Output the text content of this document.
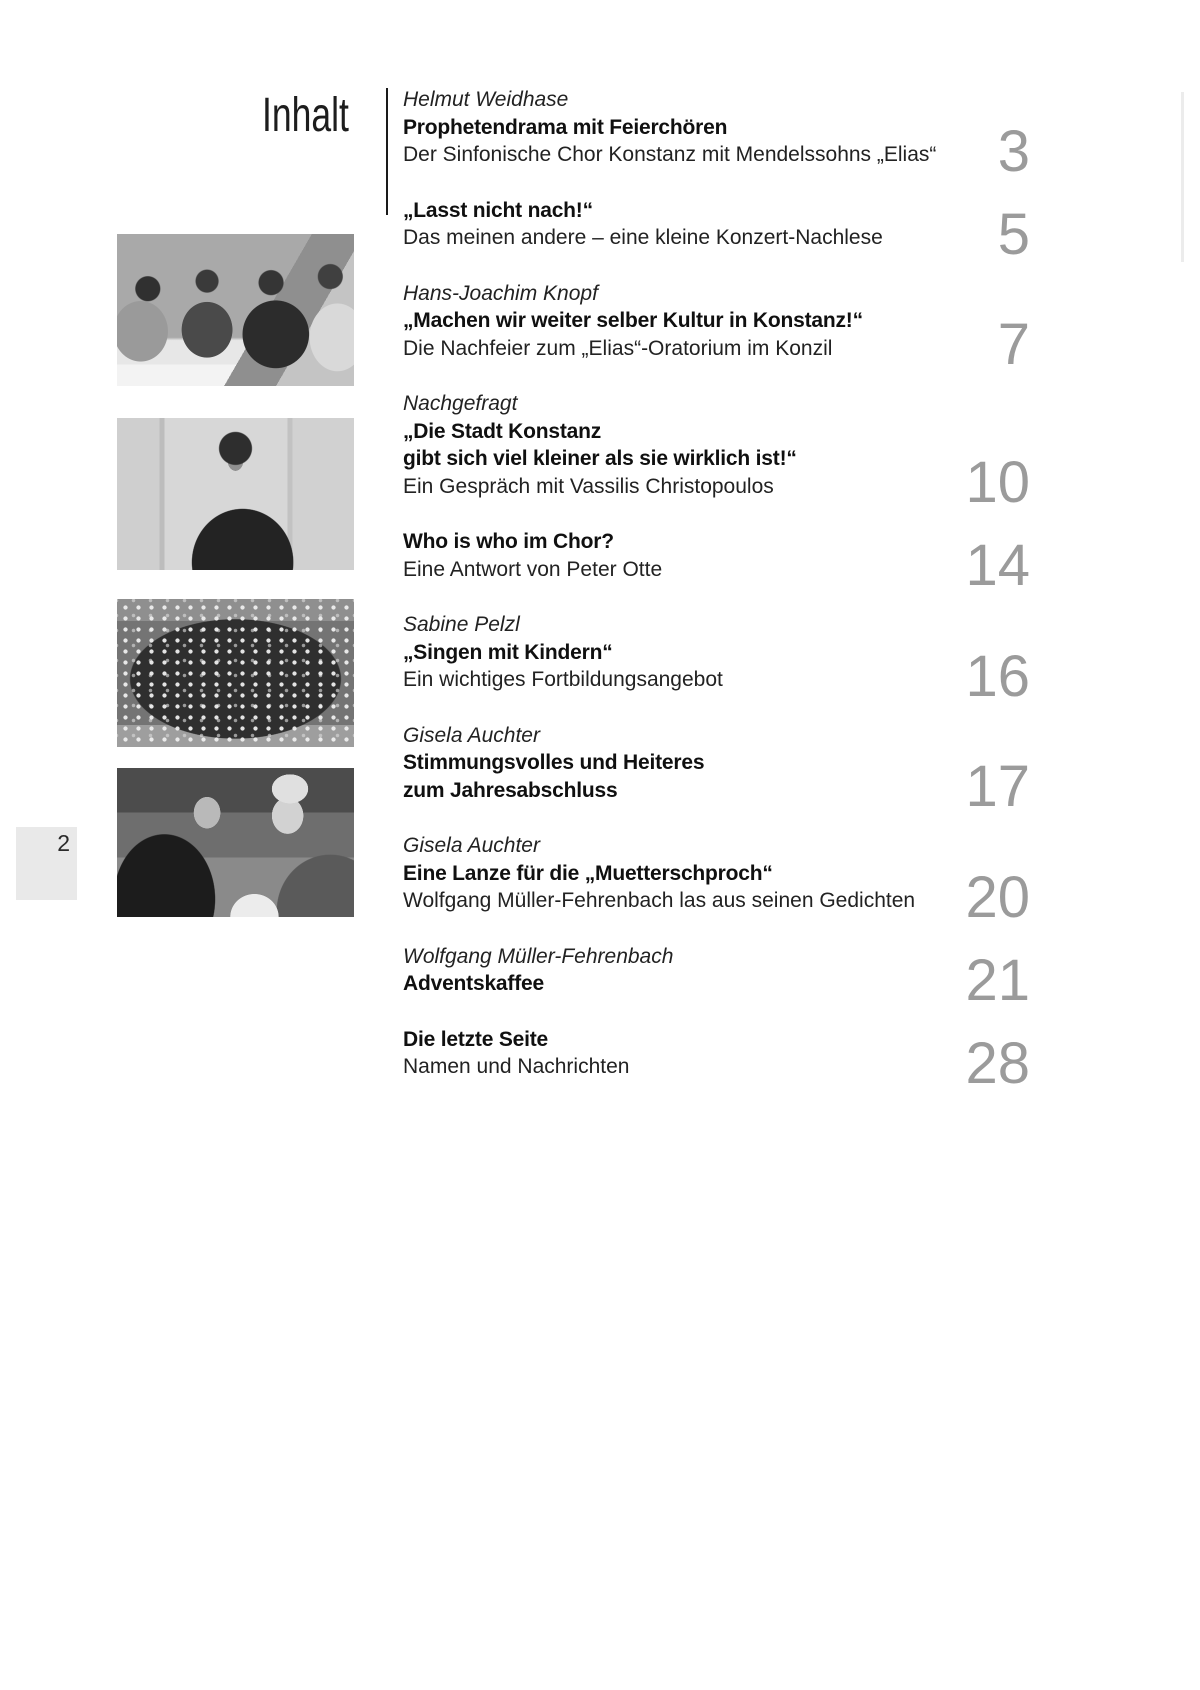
Inhalt
2
Helmut Weidhase
Prophetendrama mit Feierchören
Der Sinfonische Chor Konstanz mit Mendelssohns „Elias“	3
„Lasst nicht nach!“
Das meinen andere – eine kleine Konzert-Nachlese	5
Hans-Joachim Knopf
„Machen wir weiter selber Kultur in Konstanz!“
Die Nachfeier zum „Elias“-Oratorium im Konzil	7
Nachgefragt
„Die Stadt Konstanz
gibt sich viel kleiner als sie wirklich ist!“
Ein Gespräch mit Vassilis Christopoulos	10
Who is who im Chor?
Eine Antwort von Peter Otte	14
Sabine Pelzl
„Singen mit Kindern“
Ein wichtiges Fortbildungsangebot	16
Gisela Auchter
Stimmungsvolles und Heiteres
zum Jahresabschluss	17
Gisela Auchter
Eine Lanze für die „Muetterschproch“
Wolfgang Müller-Fehrenbach las aus seinen Gedichten 20
Wolfgang Müller-Fehrenbach
Adventskaffee	21
Die letzte Seite
Namen und Nachrichten	28
